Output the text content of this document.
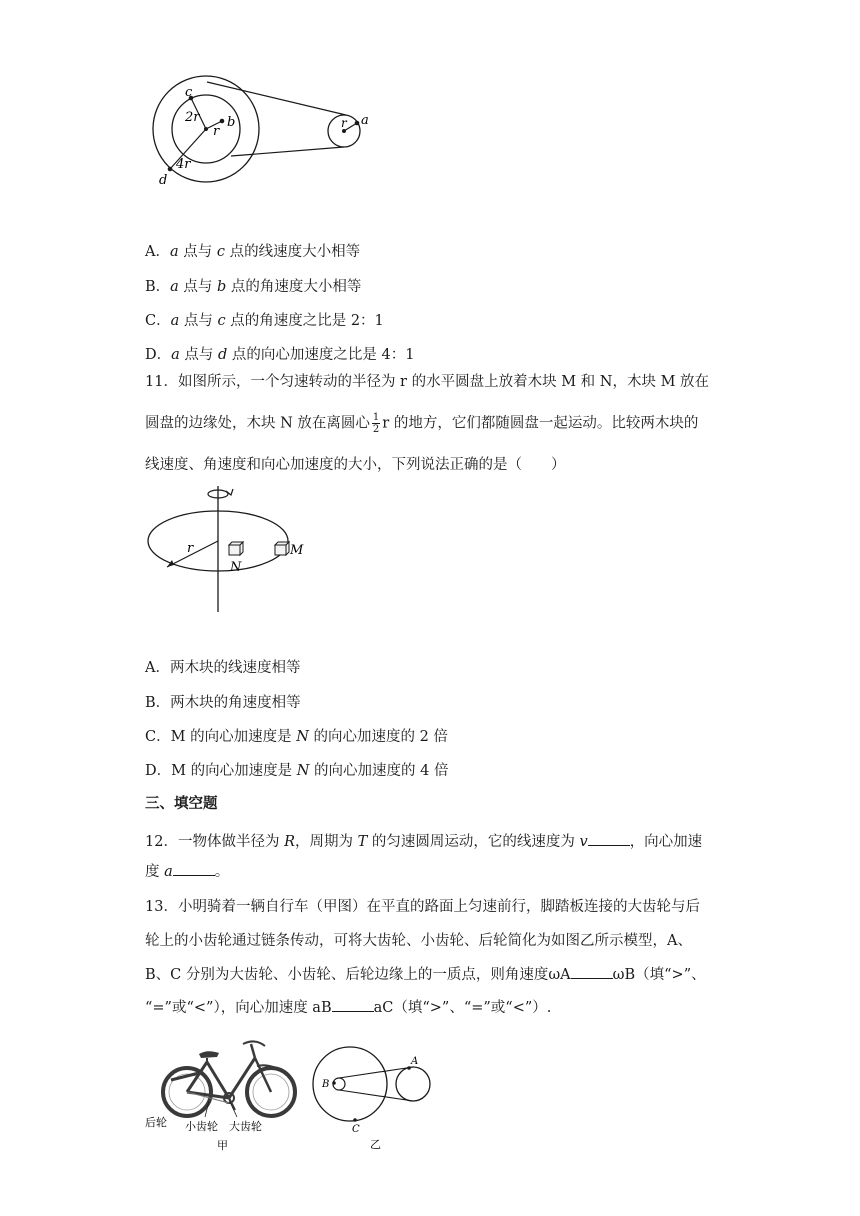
c
2r b
r
4r
d
r a
A．a 点与 c 点的线速度大小相等
B．a 点与 b 点的角速度大小相等
C．a 点与 c 点的角速度之比是 2：1
D．a 点与 d 点的向心加速度之比是 4：1
11．如图所示，一个匀速转动的半径为 r 的水平圆盘上放着木块 M 和 N，木块 M 放在
圆盘的边缘处，木块 N 放在离圆心 $\frac{1}{2}$ r 的地方，它们都随圆盘一起运动。比较两木块的
线速度、角速度和向心加速度的大小，下列说法正确的是（　　）
r
N
M
A．两木块的线速度相等
B．两木块的角速度相等
C．M 的向心加速度是 N 的向心加速度的 2 倍
D．M 的向心加速度是 N 的向心加速度的 4 倍
三、填空题
12．一物体做半径为 R，周期为 T 的匀速圆周运动，它的线速度为 v	，向心加速
度 a	。
13．小明骑着一辆自行车（甲图）在平直的路面上匀速前行，脚踏板连接的大齿轮与后
轮上的小齿轮通过链条传动，可将大齿轮、小齿轮、后轮简化为如图乙所示模型，A、
B、C 分别为大齿轮、小齿轮、后轮边缘上的一质点，则角速度ωA	ωB（填“>”、
“=”或“<”），向心加速度 aB	aC（填“>”、“=”或“<”）.
后轮 小齿轮 大齿轮
甲
A
B
C
乙
